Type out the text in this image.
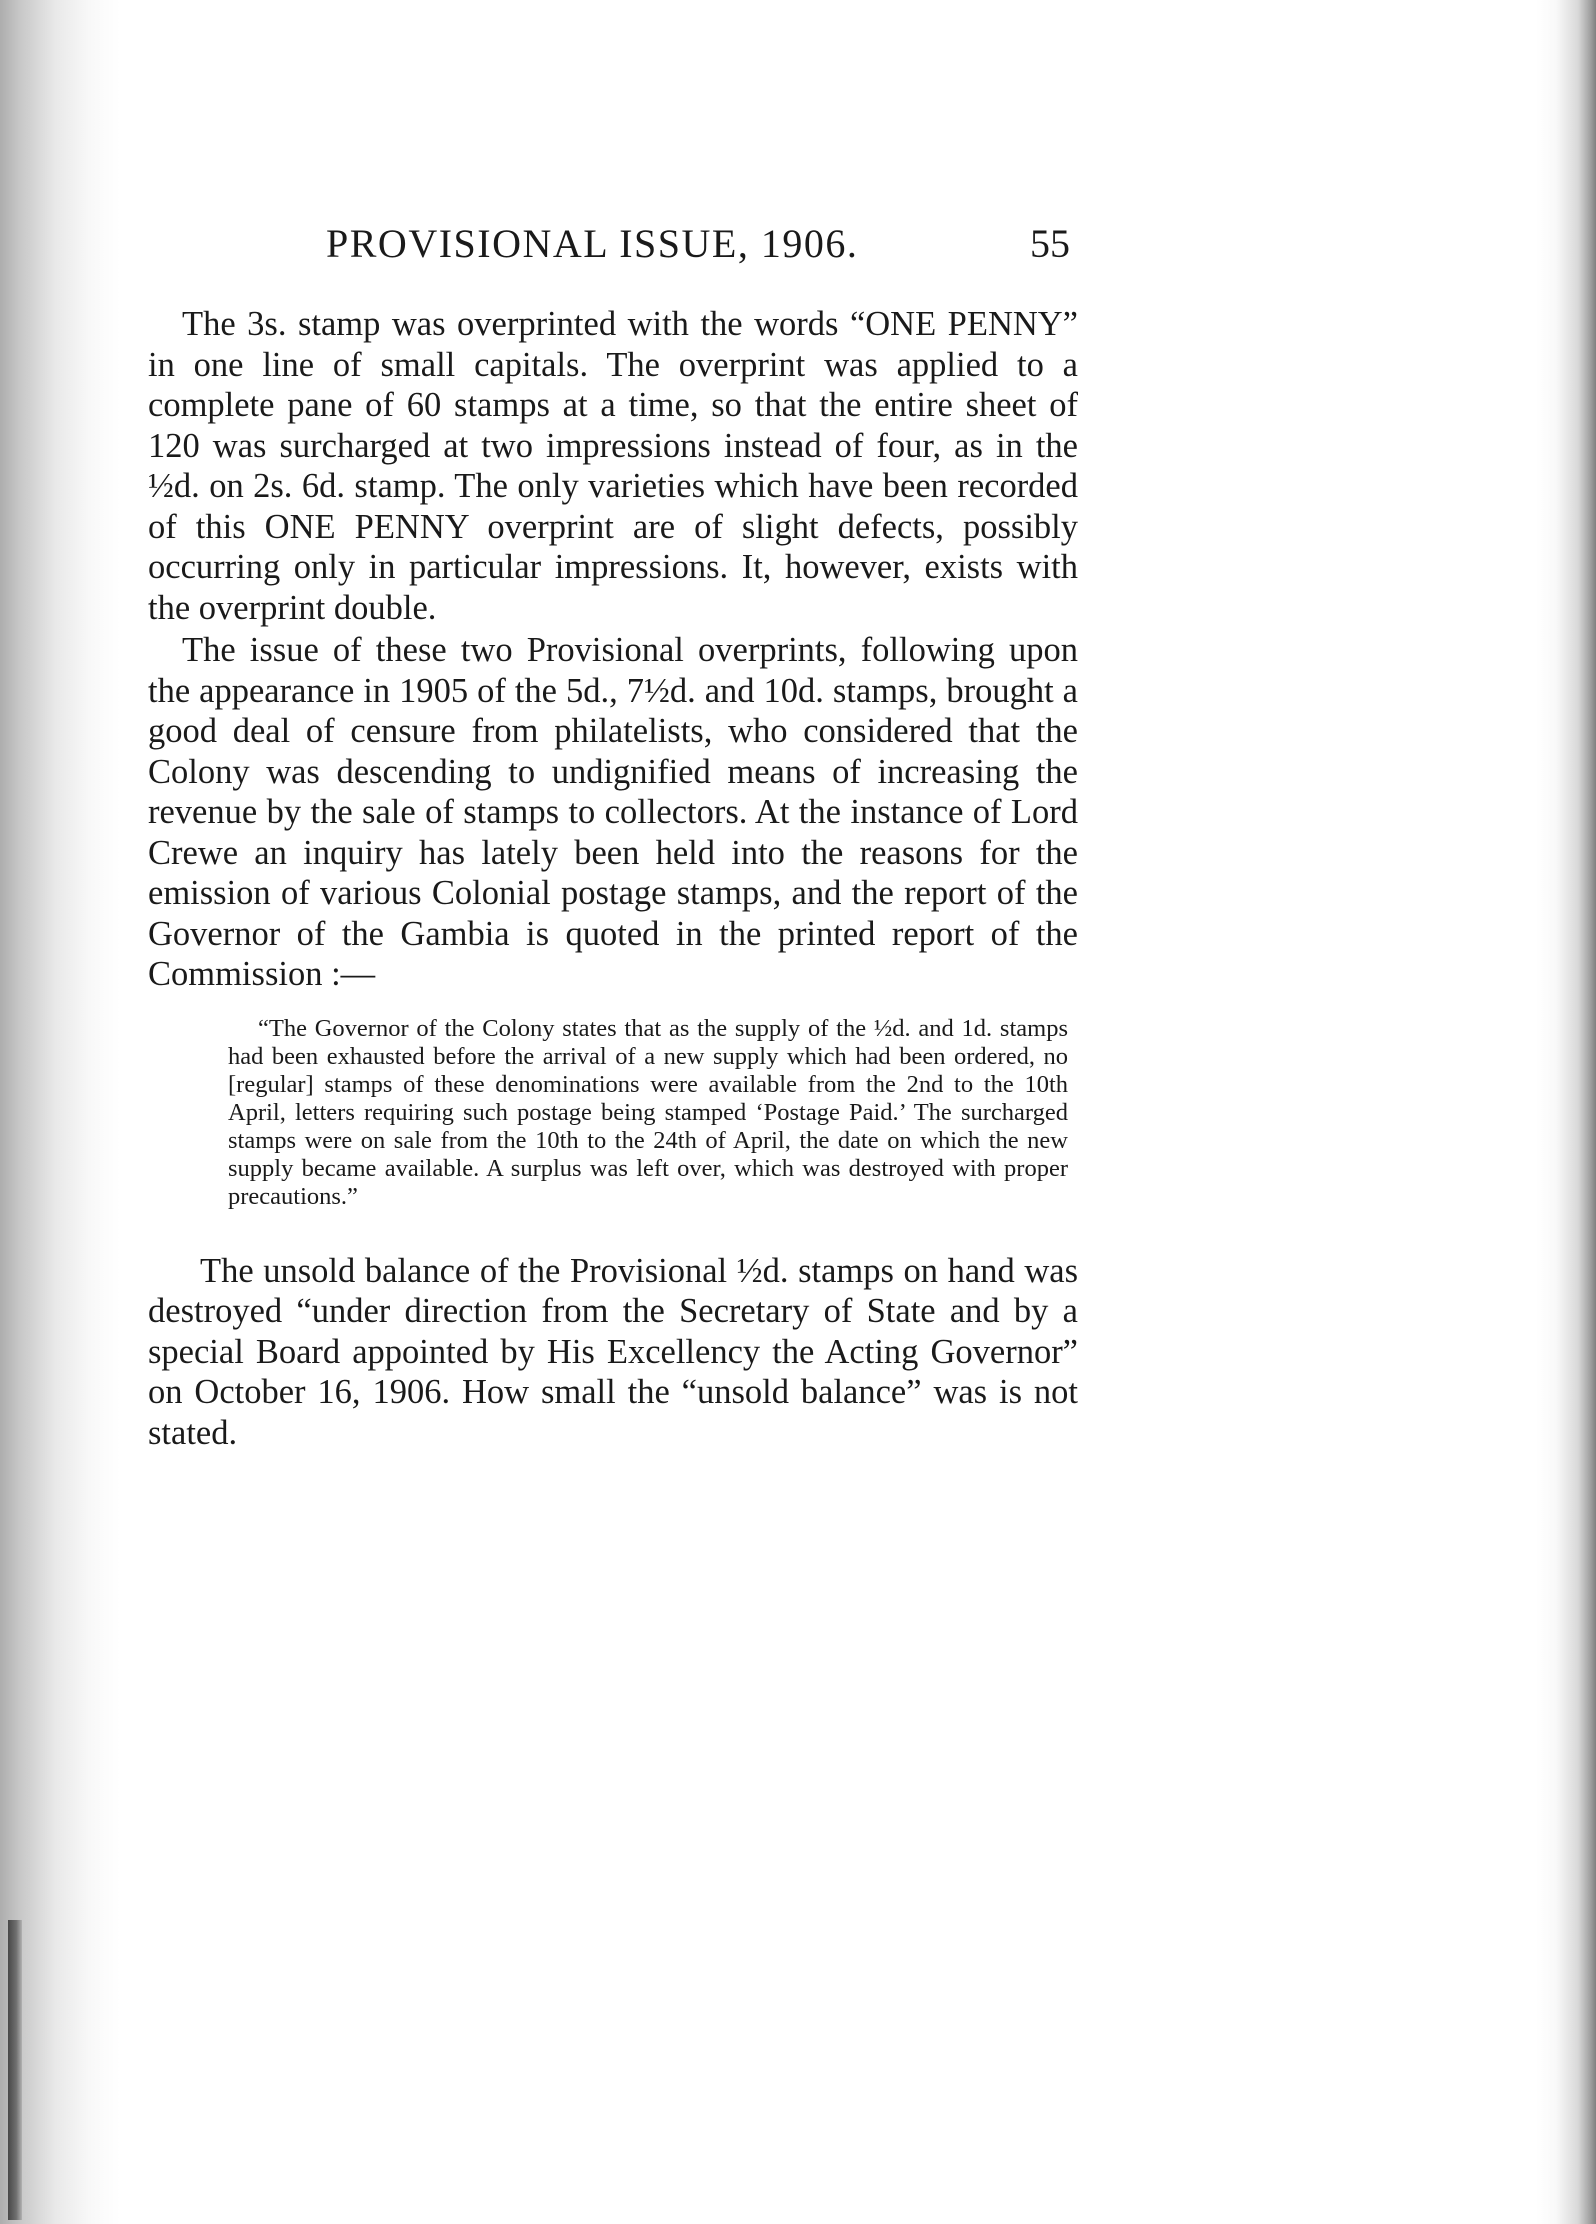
PROVISIONAL ISSUE, 1906.	55

The 3s. stamp was overprinted with the words “ONE PENNY” in one line of small capitals. The overprint was applied to a complete pane of 60 stamps at a time, so that the entire sheet of 120 was surcharged at two impressions instead of four, as in the ½d. on 2s. 6d. stamp. The only varieties which have been recorded of this ONE PENNY overprint are of slight defects, possibly occurring only in particular impressions. It, however, exists with the overprint double.

The issue of these two Provisional overprints, following upon the appearance in 1905 of the 5d., 7½d. and 10d. stamps, brought a good deal of censure from philatelists, who considered that the Colony was descending to undignified means of increasing the revenue by the sale of stamps to collectors. At the instance of Lord Crewe an inquiry has lately been held into the reasons for the emission of various Colonial postage stamps, and the report of the Governor of the Gambia is quoted in the printed report of the Commission :—

“The Governor of the Colony states that as the supply of the ½d. and 1d. stamps had been exhausted before the arrival of a new supply which had been ordered, no [regular] stamps of these denominations were available from the 2nd to the 10th April, letters requiring such postage being stamped ‘Postage Paid.’ The surcharged stamps were on sale from the 10th to the 24th of April, the date on which the new supply became available. A surplus was left over, which was destroyed with proper precautions.”

The unsold balance of the Provisional ½d. stamps on hand was destroyed “under direction from the Secretary of State and by a special Board appointed by His Excellency the Acting Governor” on October 16, 1906. How small the “unsold balance” was is not stated.
